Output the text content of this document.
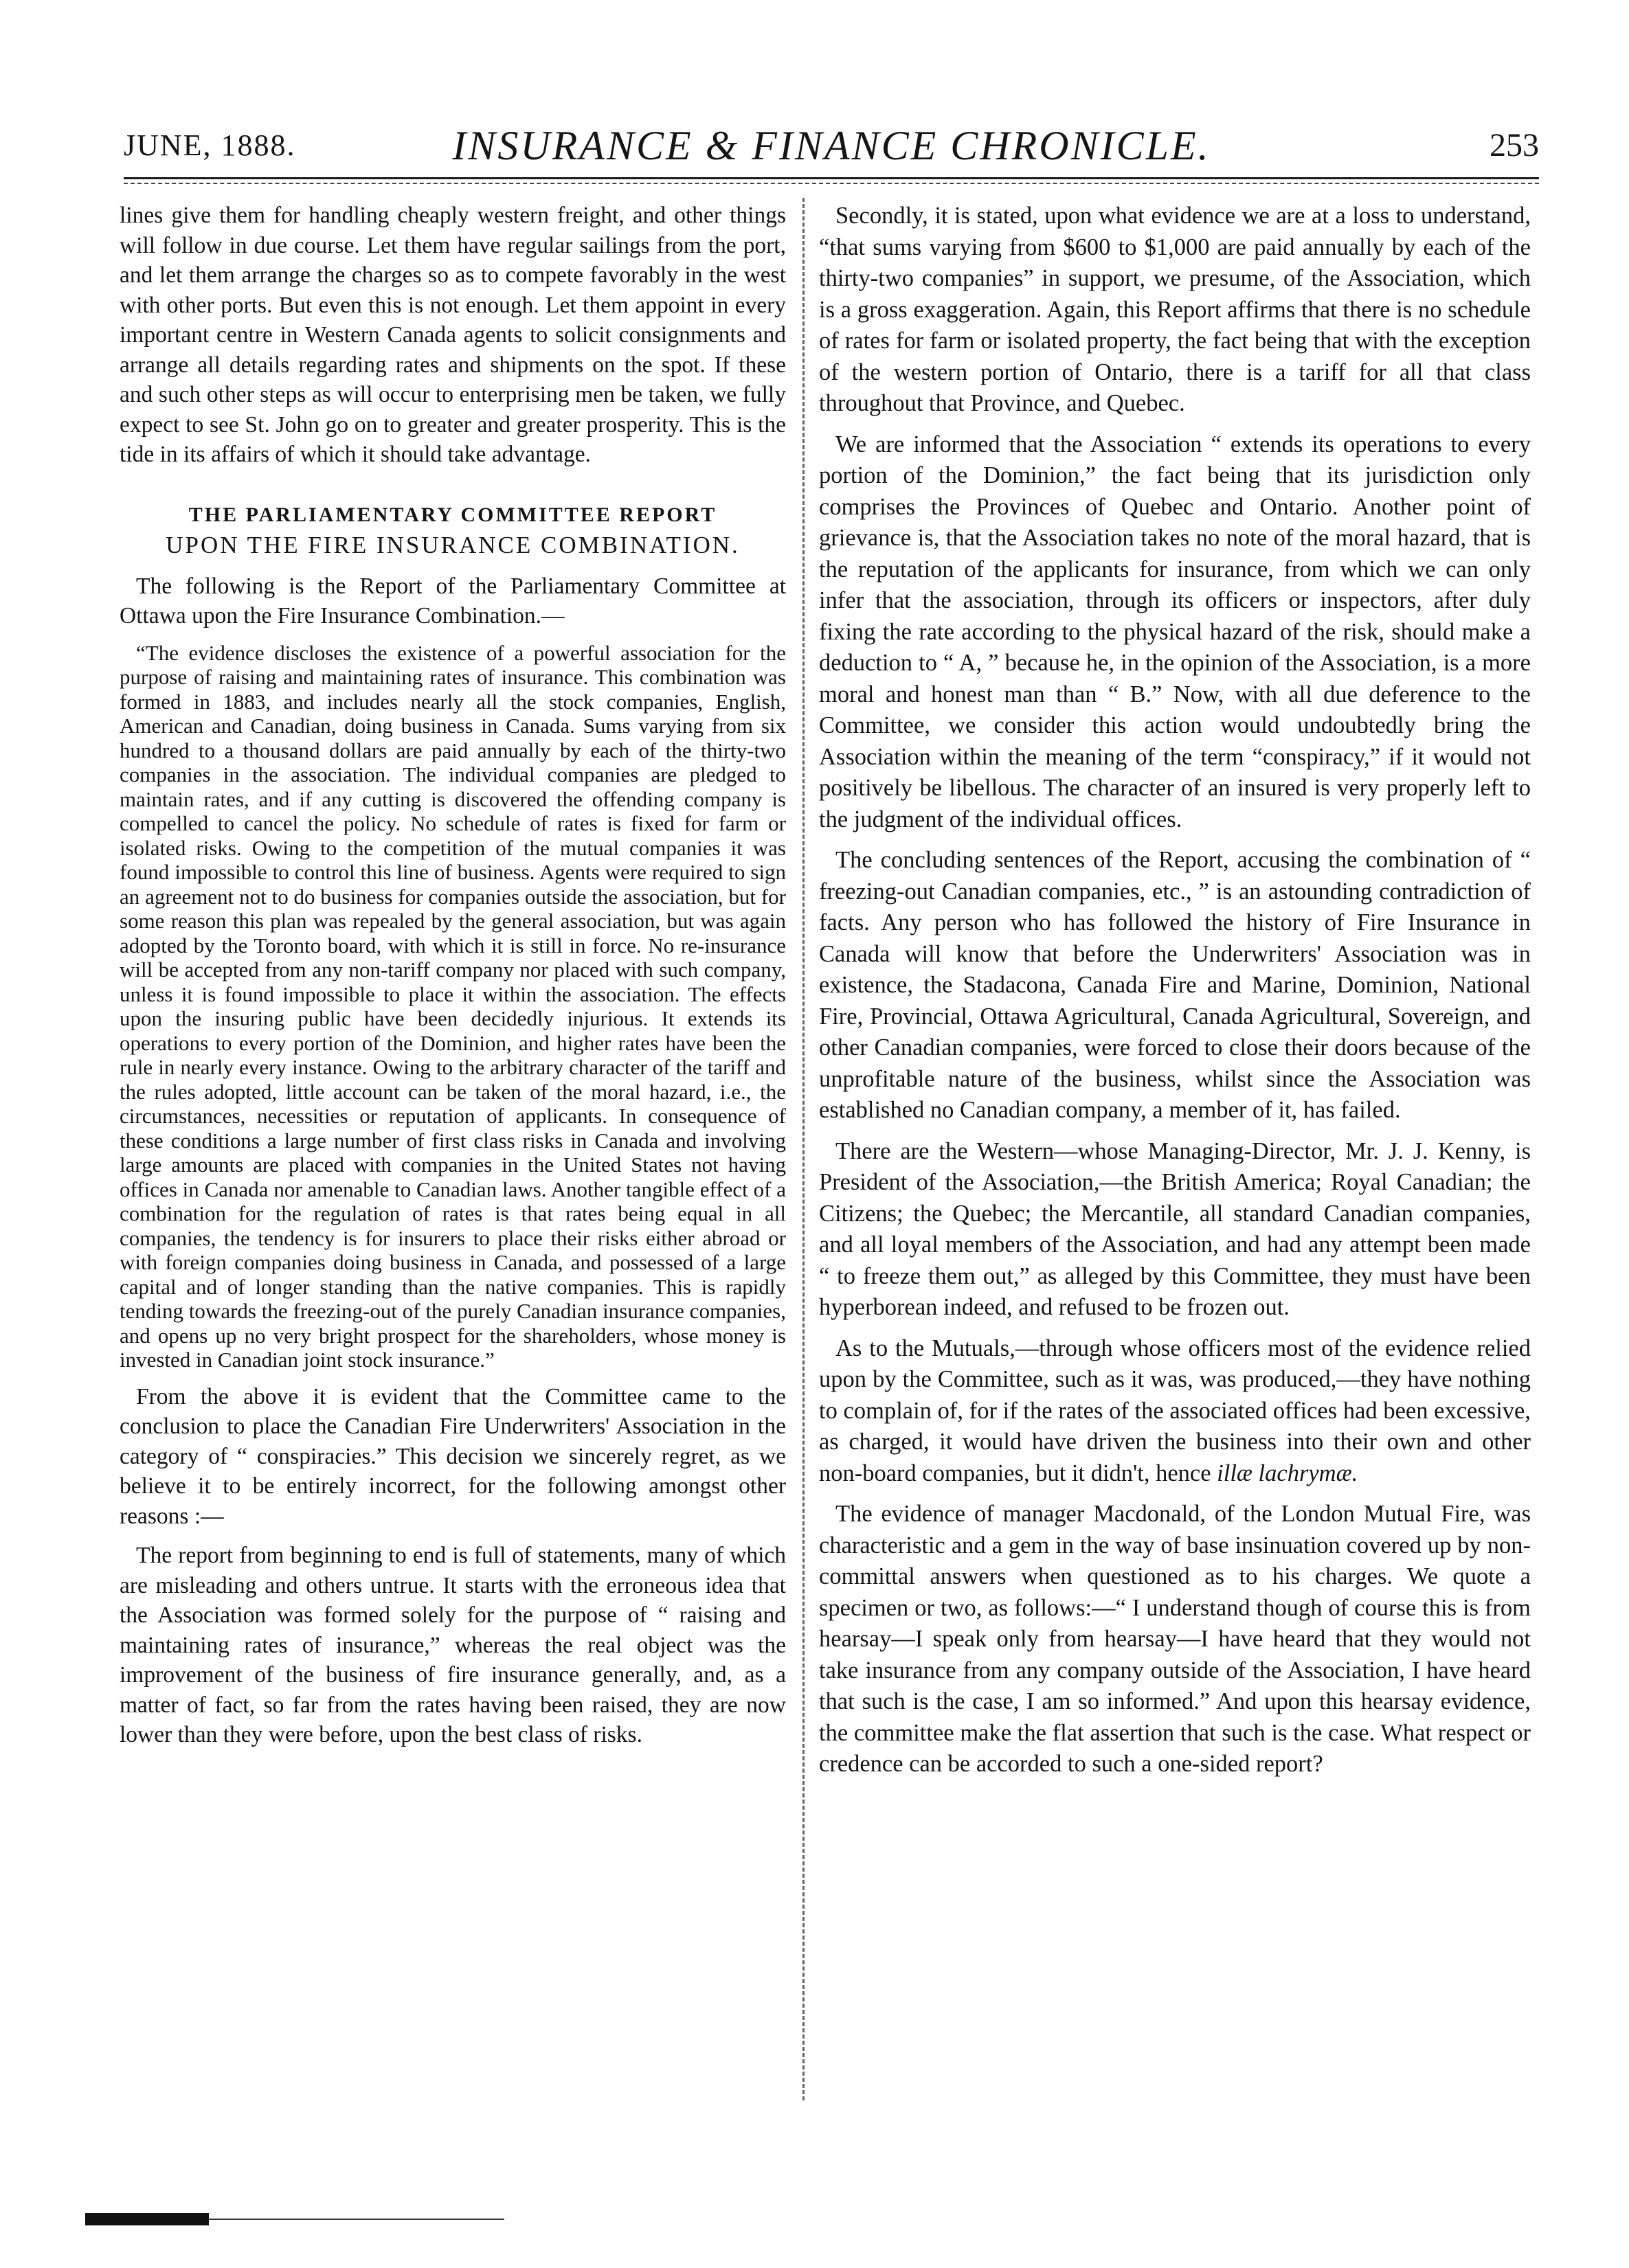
JUNE, 1888.	INSURANCE & FINANCE CHRONICLE.	253

lines give them for handling cheaply western freight, and other things will follow in due course. Let them have regular sailings from the port, and let them arrange the charges so as to compete favorably in the west with other ports. But even this is not enough. Let them appoint in every important centre in Western Canada agents to solicit consignments and arrange all details regarding rates and shipments on the spot. If these and such other steps as will occur to enterprising men be taken, we fully expect to see St. John go on to greater and greater prosperity. This is the tide in its affairs of which it should take advantage.

THE PARLIAMENTARY COMMITTEE REPORT
UPON THE FIRE INSURANCE COMBINATION.

The following is the Report of the Parliamentary Committee at Ottawa upon the Fire Insurance Combination.—

“The evidence discloses the existence of a powerful association for the purpose of raising and maintaining rates of insurance. This combination was formed in 1883, and includes nearly all the stock companies, English, American and Canadian, doing business in Canada. Sums varying from six hundred to a thousand dollars are paid annually by each of the thirty-two companies in the association. The individual companies are pledged to maintain rates, and if any cutting is discovered the offending company is compelled to cancel the policy. No schedule of rates is fixed for farm or isolated risks. Owing to the competition of the mutual companies it was found impossible to control this line of business. Agents were required to sign an agreement not to do business for companies outside the association, but for some reason this plan was repealed by the general association, but was again adopted by the Toronto board, with which it is still in force. No re-insurance will be accepted from any non-tariff company nor placed with such company, unless it is found impossible to place it within the association. The effects upon the insuring public have been decidedly injurious. It extends its operations to every portion of the Dominion, and higher rates have been the rule in nearly every instance. Owing to the arbitrary character of the tariff and the rules adopted, little account can be taken of the moral hazard, i.e., the circumstances, necessities or reputation of applicants. In consequence of these conditions a large number of first class risks in Canada and involving large amounts are placed with companies in the United States not having offices in Canada nor amenable to Canadian laws. Another tangible effect of a combination for the regulation of rates is that rates being equal in all companies, the tendency is for insurers to place their risks either abroad or with foreign companies doing business in Canada, and possessed of a large capital and of longer standing than the native companies. This is rapidly tending towards the freezing-out of the purely Canadian insurance companies, and opens up no very bright prospect for the shareholders, whose money is invested in Canadian joint stock insurance.”

From the above it is evident that the Committee came to the conclusion to place the Canadian Fire Underwriters' Association in the category of “ conspiracies.” This decision we sincerely regret, as we believe it to be entirely incorrect, for the following amongst other reasons :—

The report from beginning to end is full of statements, many of which are misleading and others untrue. It starts with the erroneous idea that the Association was formed solely for the purpose of “ raising and maintaining rates of insurance,” whereas the real object was the improvement of the business of fire insurance generally, and, as a matter of fact, so far from the rates having been raised, they are now lower than they were before, upon the best class of risks.

Secondly, it is stated, upon what evidence we are at a loss to understand, “that sums varying from $600 to $1,000 are paid annually by each of the thirty-two companies” in support, we presume, of the Association, which is a gross exaggeration. Again, this Report affirms that there is no schedule of rates for farm or isolated property, the fact being that with the exception of the western portion of Ontario, there is a tariff for all that class throughout that Province, and Quebec.

We are informed that the Association “ extends its operations to every portion of the Dominion,” the fact being that its jurisdiction only comprises the Provinces of Quebec and Ontario. Another point of grievance is, that the Association takes no note of the moral hazard, that is the reputation of the applicants for insurance, from which we can only infer that the association, through its officers or inspectors, after duly fixing the rate according to the physical hazard of the risk, should make a deduction to “ A, ” because he, in the opinion of the Association, is a more moral and honest man than “ B.” Now, with all due deference to the Committee, we consider this action would undoubtedly bring the Association within the meaning of the term “conspiracy,” if it would not positively be libellous. The character of an insured is very properly left to the judgment of the individual offices.

The concluding sentences of the Report, accusing the combination of “ freezing-out Canadian companies, etc., ” is an astounding contradiction of facts. Any person who has followed the history of Fire Insurance in Canada will know that before the Underwriters' Association was in existence, the Stadacona, Canada Fire and Marine, Dominion, National Fire, Provincial, Ottawa Agricultural, Canada Agricultural, Sovereign, and other Canadian companies, were forced to close their doors because of the unprofitable nature of the business, whilst since the Association was established no Canadian company, a member of it, has failed.

There are the Western—whose Managing-Director, Mr. J. J. Kenny, is President of the Association,—the British America; Royal Canadian; the Citizens; the Quebec; the Mercantile, all standard Canadian companies, and all loyal members of the Association, and had any attempt been made “ to freeze them out,” as alleged by this Committee, they must have been hyperborean indeed, and refused to be frozen out.

As to the Mutuals,—through whose officers most of the evidence relied upon by the Committee, such as it was, was produced,—they have nothing to complain of, for if the rates of the associated offices had been excessive, as charged, it would have driven the business into their own and other non-board companies, but it didn't, hence illæ lachrymæ.

The evidence of manager Macdonald, of the London Mutual Fire, was characteristic and a gem in the way of base insinuation covered up by non-committal answers when questioned as to his charges. We quote a specimen or two, as follows:—“ I understand though of course this is from hearsay—I speak only from hearsay—I have heard that they would not take insurance from any company outside of the Association, I have heard that such is the case, I am so informed.” And upon this hearsay evidence, the committee make the flat assertion that such is the case. What respect or credence can be accorded to such a one-sided report?
